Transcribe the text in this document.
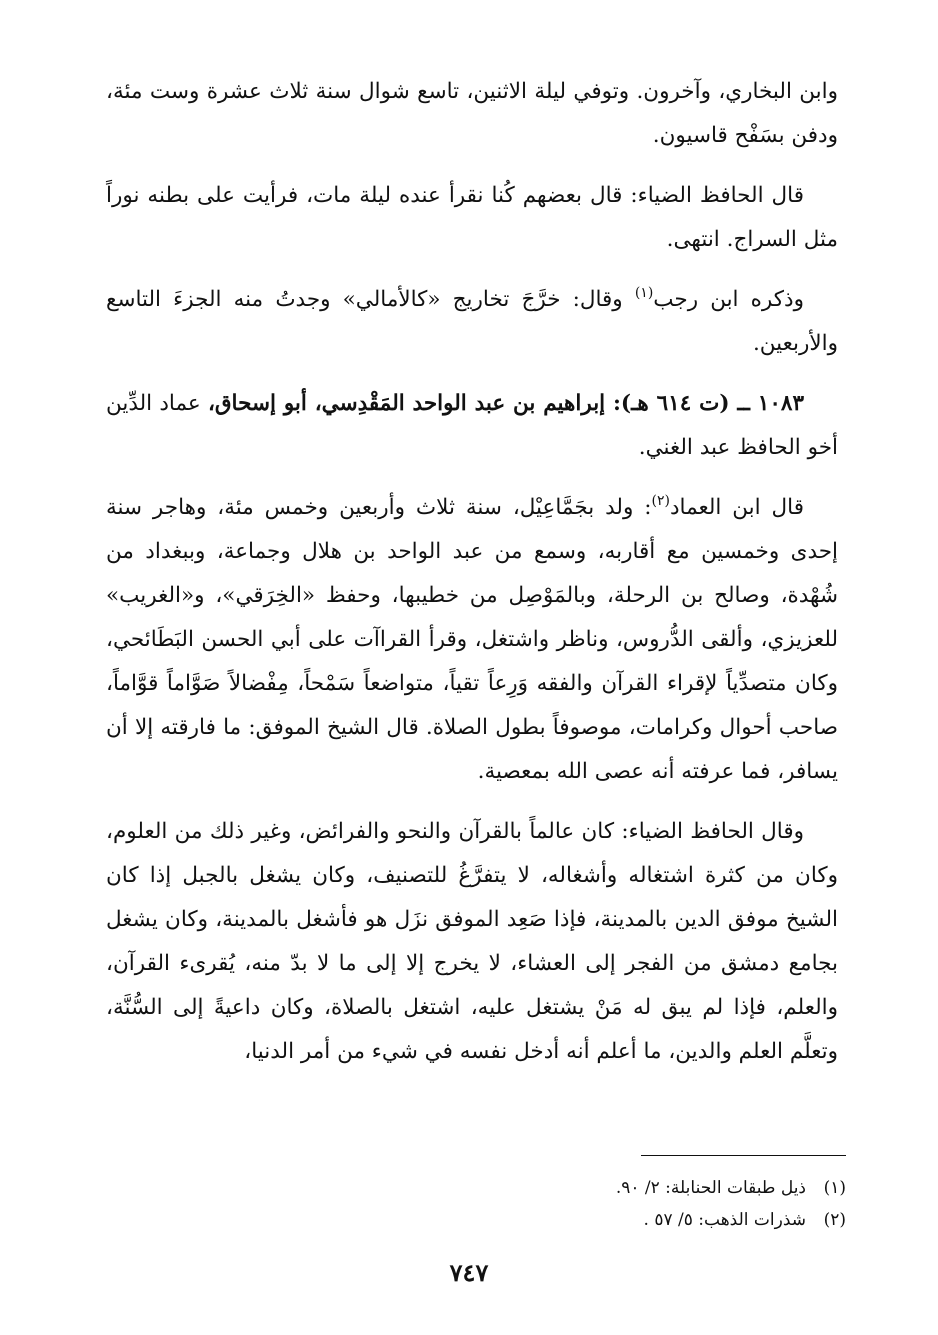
وابن البخاري، وآخرون. وتوفي ليلة الاثنين، تاسع شوال سنة ثلاث عشرة وست مئة، ودفن بسَفْح قاسيون.

قال الحافظ الضياء: قال بعضهم كُنا نقرأ عنده ليلة مات، فرأيت على بطنه نوراً مثل السراج. انتهى.

وذكره ابن رجب$^{(١)}$ وقال: خرَّجَ تخاريج «كالأمالي» وجدتُ منه الجزءَ التاسع والأربعين.

١٠٨٣ ــ (ت ٦١٤ هـ): إبراهيم بن عبد الواحد المَقْدِسي، أبو إسحاق، عماد الدِّين أخو الحافظ عبد الغني.

قال ابن العماد$^{(٢)}$: ولد بجَمَّاعِيْل، سنة ثلاث وأربعين وخمس مئة، وهاجر سنة إحدى وخمسين مع أقاربه، وسمع من عبد الواحد بن هلال وجماعة، وببغداد من شُهْدة، وصالح بن الرحلة، وبالمَوْصِل من خطيبها، وحفظ «الخِرَقي»، و«الغريب» للعزيزي، وألقى الدُّروس، وناظر واشتغل، وقرأ القراآت على أبي الحسن البَطَائحي، وكان متصدِّياً لإقراء القرآن والفقه وَرِعاً تقياً، متواضعاً سَمْحاً، مِفْضالاً صَوَّاماً قوَّاماً، صاحب أحوال وكرامات، موصوفاً بطول الصلاة. قال الشيخ الموفق: ما فارقته إلا أن يسافر، فما عرفته أنه عصى الله بمعصية.

وقال الحافظ الضياء: كان عالماً بالقرآن والنحو والفرائض، وغير ذلك من العلوم، وكان من كثرة اشتغاله وأشغاله، لا يتفرَّغُ للتصنيف، وكان يشغل بالجبل إذا كان الشيخ موفق الدين بالمدينة، فإذا صَعِد الموفق نزَل هو فأشغل بالمدينة، وكان يشغل بجامع دمشق من الفجر إلى العشاء، لا يخرج إلا إلى ما لا بدّ منه، يُقرىء القرآن، والعلم، فإذا لم يبق له مَنْ يشتغل عليه، اشتغل بالصلاة، وكان داعيةً إلى السُّنَّة، وتعلَّم العلم والدين، ما أعلم أنه أدخل نفسه في شيء من أمر الدنيا،

(١)ذيل طبقات الحنابلة: ٢/ ٩٠.
(٢)شذرات الذهب: ٥/ ٥٧ .
٧٤٧
